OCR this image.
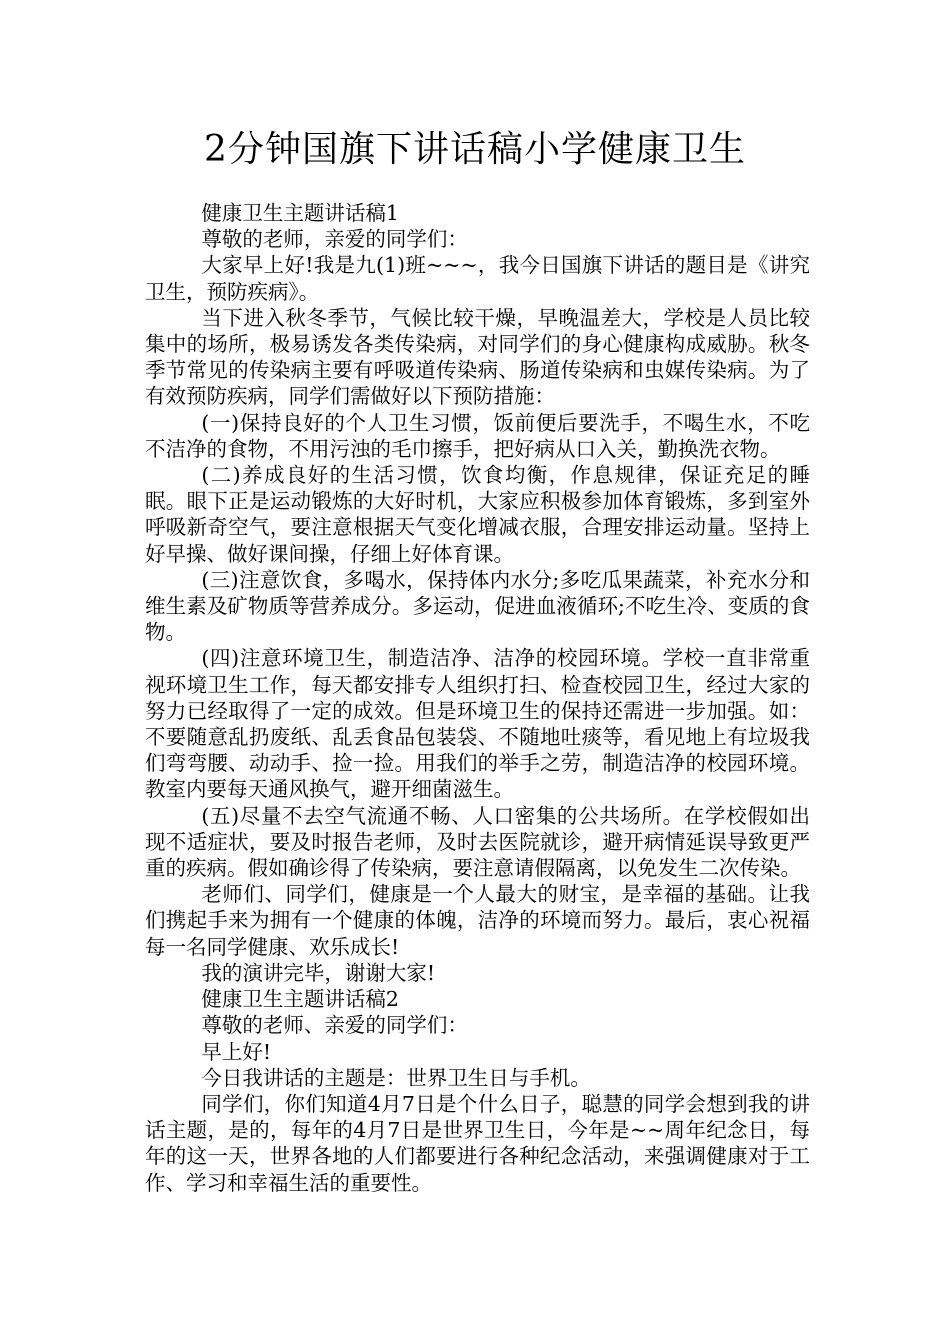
2分钟国旗下讲话稿小学健康卫生

健康卫生主题讲话稿1

尊敬的老师，亲爱的同学们：

大家早上好!我是九(1)班~~~，我今日国旗下讲话的题目是《讲究卫生，预防疾病》。

当下进入秋冬季节，气候比较干燥，早晚温差大，学校是人员比较集中的场所，极易诱发各类传染病，对同学们的身心健康构成威胁。秋冬季节常见的传染病主要有呼吸道传染病、肠道传染病和虫媒传染病。为了有效预防疾病，同学们需做好以下预防措施：

(一)保持良好的个人卫生习惯，饭前便后要洗手，不喝生水，不吃不洁净的食物，不用污浊的毛巾擦手，把好病从口入关，勤换洗衣物。

(二)养成良好的生活习惯，饮食均衡，作息规律，保证充足的睡眠。眼下正是运动锻炼的大好时机，大家应积极参加体育锻炼，多到室外呼吸新奇空气，要注意根据天气变化增减衣服，合理安排运动量。坚持上好早操、做好课间操，仔细上好体育课。

(三)注意饮食，多喝水，保持体内水分;多吃瓜果蔬菜，补充水分和维生素及矿物质等营养成分。多运动，促进血液循环;不吃生冷、变质的食物。

(四)注意环境卫生，制造洁净、洁净的校园环境。学校一直非常重视环境卫生工作，每天都安排专人组织打扫、检查校园卫生，经过大家的努力已经取得了一定的成效。但是环境卫生的保持还需进一步加强。如：不要随意乱扔废纸、乱丢食品包装袋、不随地吐痰等，看见地上有垃圾我们弯弯腰、动动手、捡一捡。用我们的举手之劳，制造洁净的校园环境。教室内要每天通风换气，避开细菌滋生。

(五)尽量不去空气流通不畅、人口密集的公共场所。在学校假如出现不适症状，要及时报告老师，及时去医院就诊，避开病情延误导致更严重的疾病。假如确诊得了传染病，要注意请假隔离，以免发生二次传染。

老师们、同学们，健康是一个人最大的财宝，是幸福的基础。让我们携起手来为拥有一个健康的体魄，洁净的环境而努力。最后，衷心祝福每一名同学健康、欢乐成长!

我的演讲完毕，谢谢大家!

健康卫生主题讲话稿2

尊敬的老师、亲爱的同学们：

早上好!

今日我讲话的主题是：世界卫生日与手机。

同学们，你们知道4月7日是个什么日子，聪慧的同学会想到我的讲话主题，是的，每年的4月7日是世界卫生日，今年是~~周年纪念日，每年的这一天，世界各地的人们都要进行各种纪念活动，来强调健康对于工作、学习和幸福生活的重要性。
